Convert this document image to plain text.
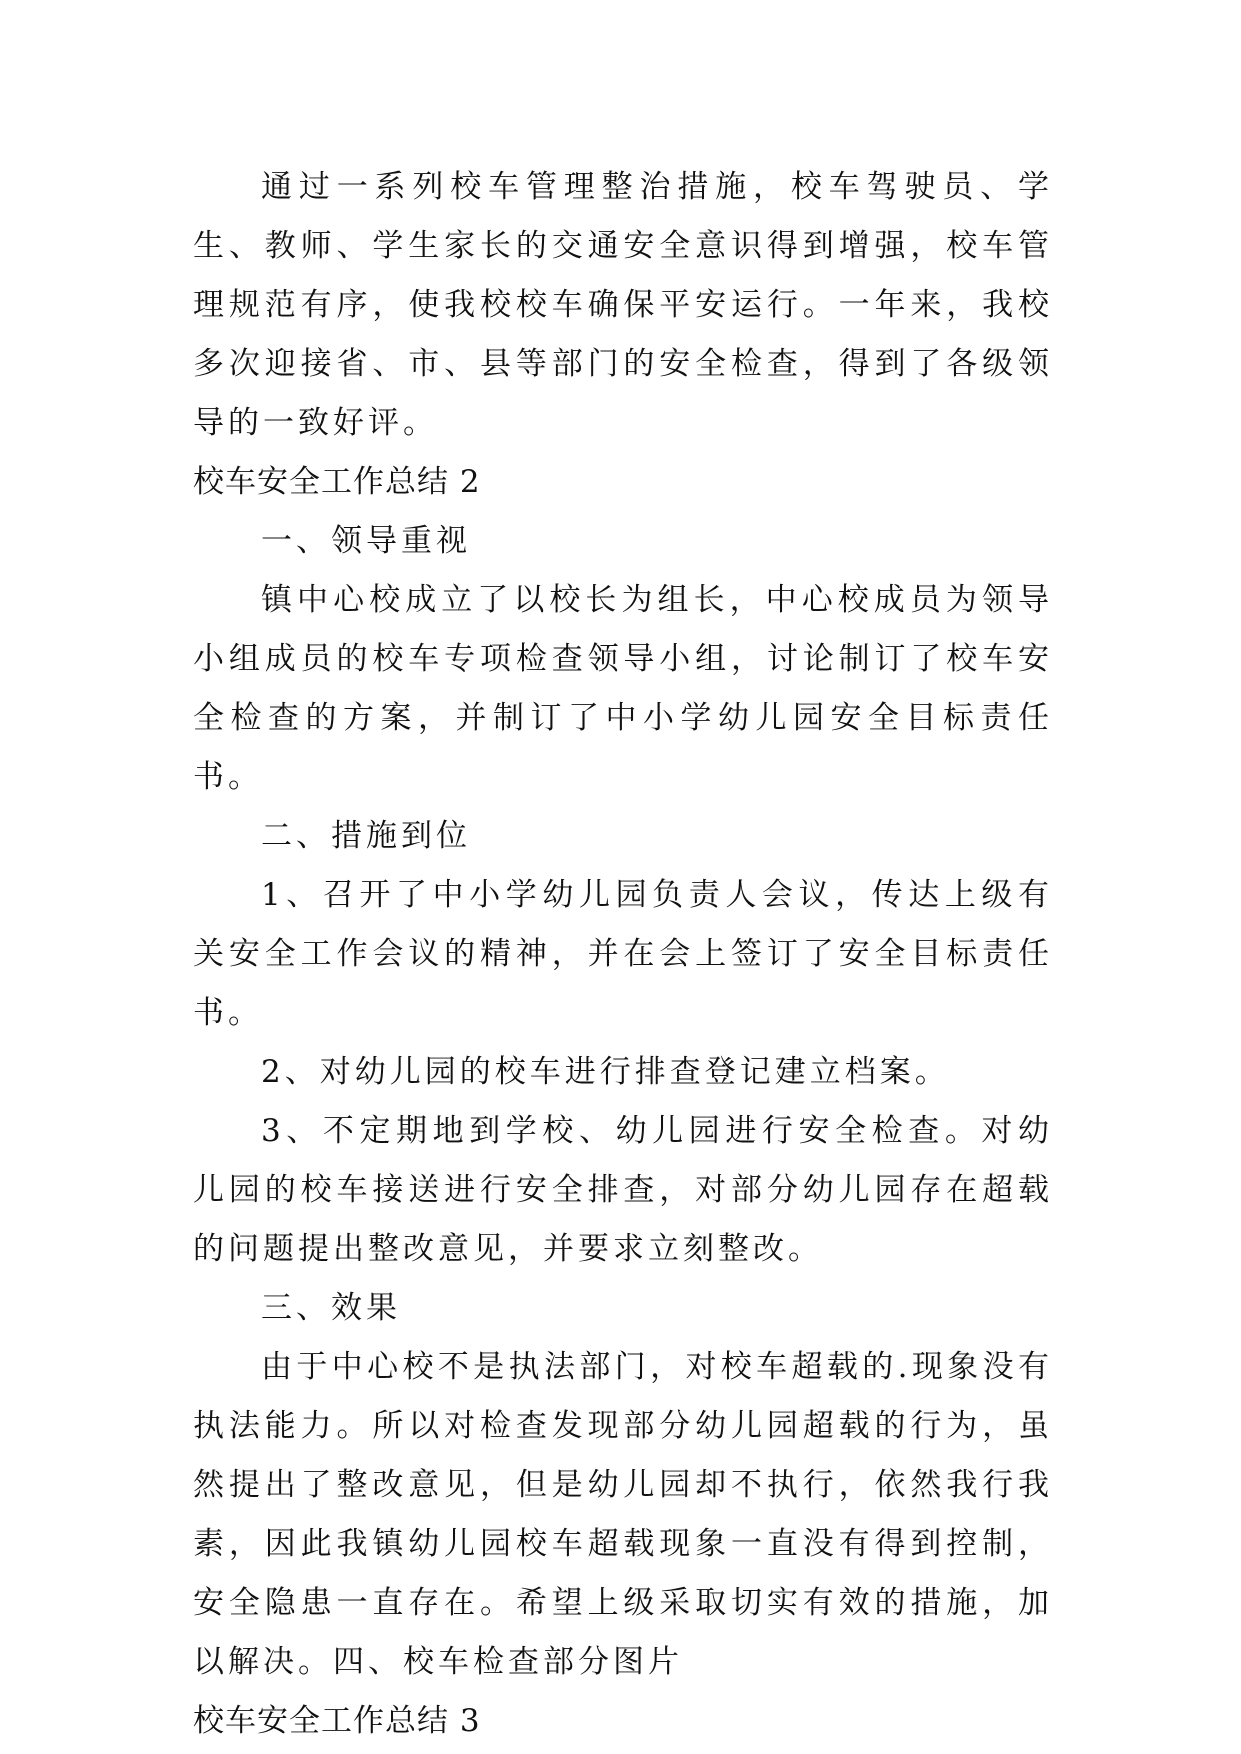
通过一系列校车管理整治措施，校车驾驶员、学生、教师、学生家长的交通安全意识得到增强，校车管理规范有序，使我校校车确保平安运行。一年来，我校多次迎接省、市、县等部门的安全检查，得到了各级领导的一致好评。

校车安全工作总结 2

一、领导重视

镇中心校成立了以校长为组长，中心校成员为领导小组成员的校车专项检查领导小组，讨论制订了校车安全检查的方案，并制订了中小学幼儿园安全目标责任书。

二、措施到位

1、召开了中小学幼儿园负责人会议，传达上级有关安全工作会议的精神，并在会上签订了安全目标责任书。

2、对幼儿园的校车进行排查登记建立档案。

3、不定期地到学校、幼儿园进行安全检查。对幼儿园的校车接送进行安全排查，对部分幼儿园存在超载的问题提出整改意见，并要求立刻整改。

三、效果

由于中心校不是执法部门，对校车超载的.现象没有执法能力。所以对检查发现部分幼儿园超载的行为，虽然提出了整改意见，但是幼儿园却不执行，依然我行我素，因此我镇幼儿园校车超载现象一直没有得到控制，安全隐患一直存在。希望上级采取切实有效的措施，加以解决。四、校车检查部分图片

校车安全工作总结 3
